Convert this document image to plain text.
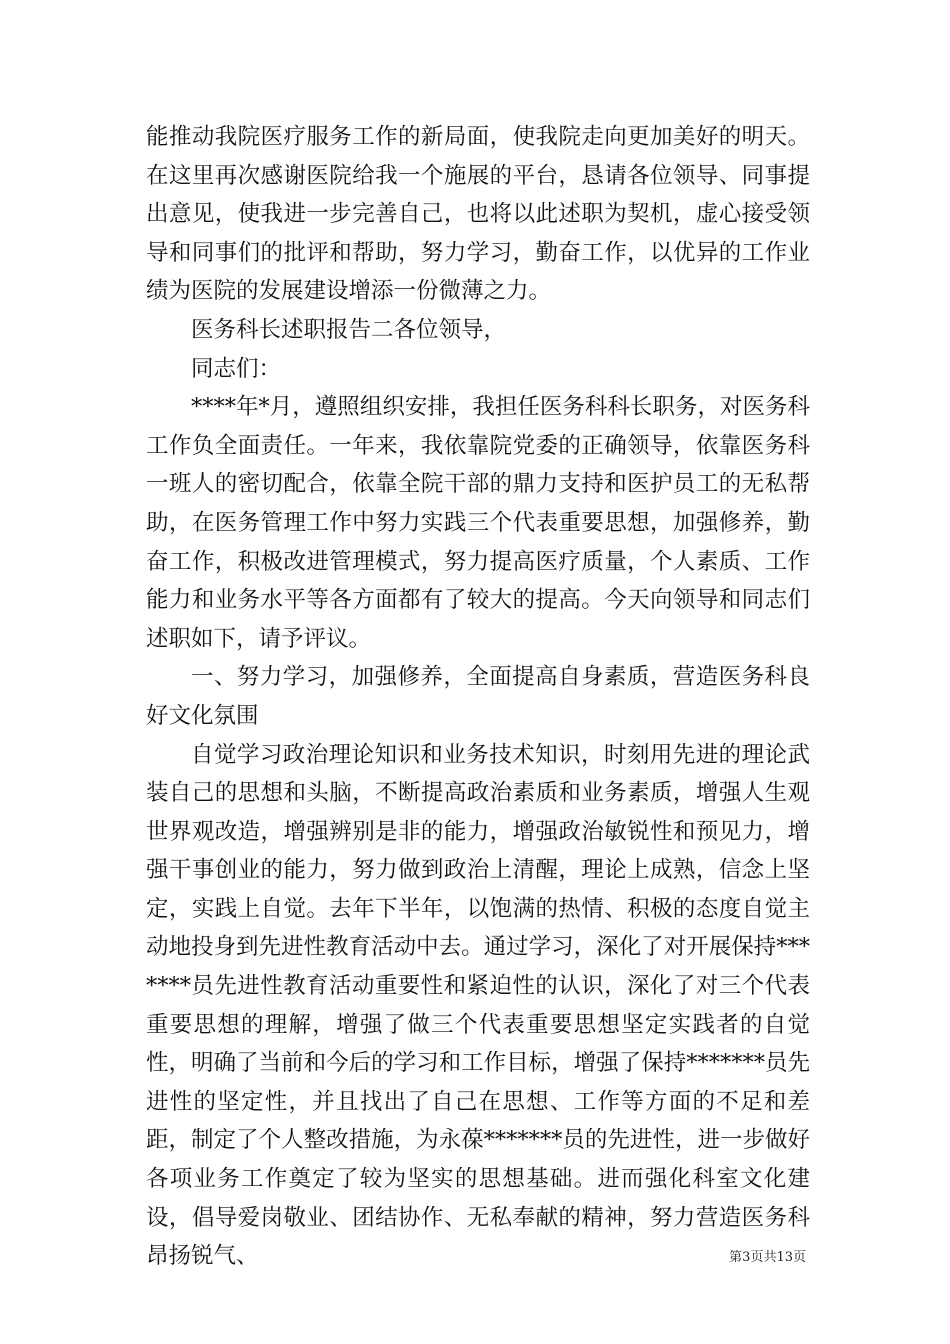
能推动我院医疗服务工作的新局面，使我院走向更加美好的明天。在这里再次感谢医院给我一个施展的平台，恳请各位领导、同事提出意见，使我进一步完善自己，也将以此述职为契机，虚心接受领导和同事们的批评和帮助，努力学习，勤奋工作，以优异的工作业绩为医院的发展建设增添一份微薄之力。

医务科长述职报告二各位领导，

同志们：

****年*月，遵照组织安排，我担任医务科科长职务，对医务科工作负全面责任。一年来，我依靠院党委的正确领导，依靠医务科一班人的密切配合，依靠全院干部的鼎力支持和医护员工的无私帮助，在医务管理工作中努力实践三个代表重要思想，加强修养，勤奋工作，积极改进管理模式，努力提高医疗质量，个人素质、工作能力和业务水平等各方面都有了较大的提高。今天向领导和同志们述职如下，请予评议。

一、努力学习，加强修养，全面提高自身素质，营造医务科良好文化氛围

自觉学习政治理论知识和业务技术知识，时刻用先进的理论武装自己的思想和头脑，不断提高政治素质和业务素质，增强人生观世界观改造，增强辨别是非的能力，增强政治敏锐性和预见力，增强干事创业的能力，努力做到政治上清醒，理论上成熟，信念上坚定，实践上自觉。去年下半年，以饱满的热情、积极的态度自觉主动地投身到先进性教育活动中去。通过学习，深化了对开展保持*******员先进性教育活动重要性和紧迫性的认识，深化了对三个代表重要思想的理解，增强了做三个代表重要思想坚定实践者的自觉性，明确了当前和今后的学习和工作目标，增强了保持*******员先进性的坚定性，并且找出了自己在思想、工作等方面的不足和差距，制定了个人整改措施，为永葆*******员的先进性，进一步做好各项业务工作奠定了较为坚实的思想基础。进而强化科室文化建设，倡导爱岗敬业、团结协作、无私奉献的精神，努力营造医务科昂扬锐气、	第3页共13页
